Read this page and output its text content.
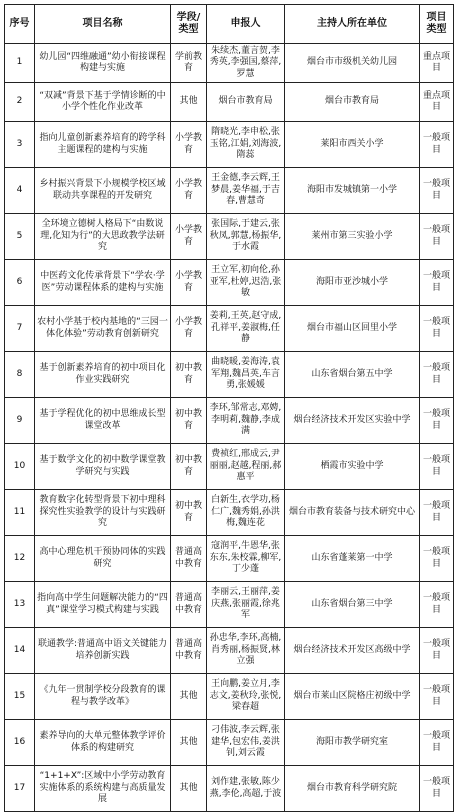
序号	项目名称	学段/类型	申报人	主持人所在单位	项目类型
1	幼儿园“四维融通”幼小衔接课程构建与实施	学前教育	朱续杰,董言贺,李秀英,李强国,蔡萍,罗慧	烟台市市级机关幼儿园	重点项目
2	“双减”背景下基于学情诊断的中小学个性化作业改革	其他	烟台市教育局	烟台市教育局	重点项目
3	指向儿童创新素养培育的跨学科主题课程的建构与实施	小学教育	隋晓光,李申松,张玉铭,江娟,刘海波,隋蕊	莱阳市西关小学	一般项目
4	乡村振兴背景下小规模学校区域联动共享课程的开发研究	小学教育	王金德,李云辉,王梦晨,姜华福,于吉春,曹慧奇	海阳市发城镇第一小学	一般项目
5	全环境立德树人格局下“由数说理,化知为行”的大思政教学法研究	小学教育	张国际,于建云,张秋凤,郭慧,杨振华,于水霞	莱州市第三实验小学	一般项目
6	中医药文化传承背景下“学农·学医”劳动课程体系的建构与实施	小学教育	王立军,初向伦,孙亚军,杜婷,迟浩,张敏	海阳市亚沙城小学	一般项目
7	农村小学基于校内基地的“三园一体化体验”劳动教育创新研究	小学教育	姜莉,王英,赵守成,孔祥平,姜淑梅,任静	烟台市福山区回里小学	一般项目
8	基于创新素养培育的初中项目化作业实践研究	初中教育	曲晓暖,姜海涛,袁军翔,魏昌英,车言勇,张媛媛	山东省烟台第五中学	一般项目
9	基于学程优化的初中思维成长型课堂改革	初中教育	李环,邹常志,邓娉,李明莉,魏静,李成满	烟台经济技术开发区实验中学	一般项目
10	基于数学文化的初中数学课堂教学研究与实践	初中教育	费祯红,邢成云,尹丽丽,赵越,程丽,郝惠平	栖霞市实验中学	一般项目
11	教育数字化转型背景下初中理科探究性实验教学的设计与实践研究	初中教育	白新生,衣学功,杨仁广,魏秀娟,孙洪梅,魏连花	烟台市教育装备与技术研究中心	一般项目
12	高中心理危机干预协同体的实践研究	普通高中教育	寇润平,牛恩华,张东东,朱校霖,柳军,丁少蓬	山东省蓬莱第一中学	一般项目
13	指向高中学生问题解决能力的“四真”课堂学习模式构建与实践	普通高中教育	李丽云,王丽萍,姜庆燕,张丽霞,徐兆军	山东省烟台第三中学	一般项目
14	联通教学:普通高中语文关键能力培养创新实践	普通高中教育	孙忠华,李环,高楠,肖秀丽,杨振贤,林立强	烟台经济技术开发区高级中学	一般项目
15	《九年一贯制学校分段教育的课程与教学改革》	其他	王向鹏,姜立月,李志文,姜秋玲,张悦,梁春超	烟台市莱山区院格庄初级中学	一般项目
16	素养导向的大单元整体教学评价体系的构建研究	其他	刁伟波,李云辉,张建华,包宏伟,姜洪钊,刘云霞	海阳市教学研究室	一般项目
17	“1+1+X”:区域中小学劳动教育实施体系的系统构建与高质量发展	其他	刘作建,张敏,陈少燕,李伦,高超,于波	烟台市教育科学研究院	一般项目
